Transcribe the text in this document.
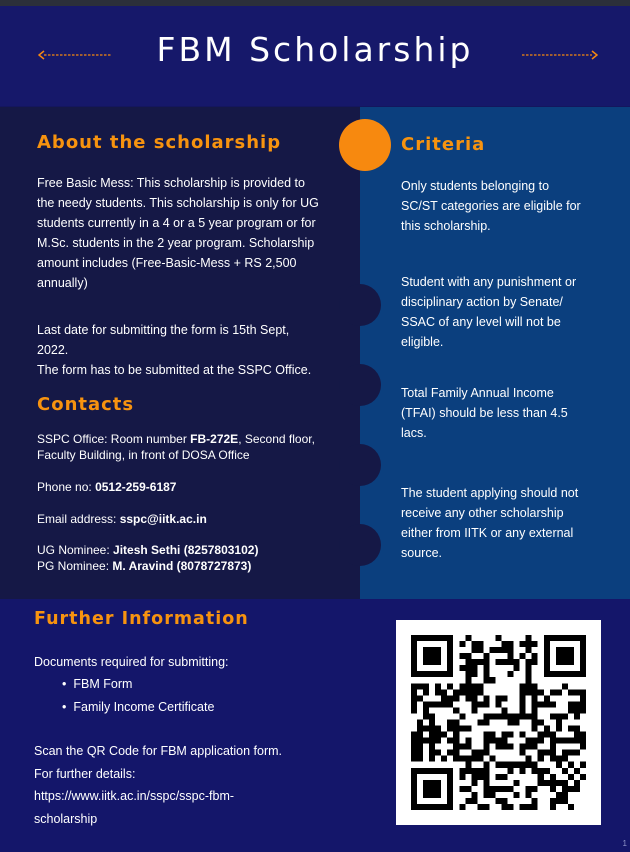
FBM Scholarship
About the scholarship
Free Basic Mess: This scholarship is provided to
the needy students. This scholarship is only for UG
students currently in a 4 or a 5 year program or for
M.Sc. students in the 2 year program. Scholarship
amount includes (Free-Basic-Mess + RS 2,500
annually)
Last date for submitting the form is 15th Sept,
2022.
The form has to be submitted at the SSPC Office.
Contacts
SSPC Office: Room number FB-272E, Second floor,
Faculty Building, in front of DOSA Office
Phone no: 0512-259-6187
Email address: sspc@iitk.ac.in
UG Nominee: Jitesh Sethi (8257803102)
PG Nominee: M. Aravind (8078727873)
Criteria
Only students belonging to
SC/ST categories are eligible for
this scholarship.
Student with any punishment or
disciplinary action by Senate/
SSAC of any level will not be
eligible.
Total Family Annual Income
(TFAI) should be less than 4.5
lacs.
The student applying should not
receive any other scholarship
either from IITK or any external
source.
Further Information
Documents required for submitting:
• FBM Form
• Family Income Certificate
Scan the QR Code for FBM application form.
For further details:
https://www.iitk.ac.in/sspc/sspc-fbm-
scholarship
1
